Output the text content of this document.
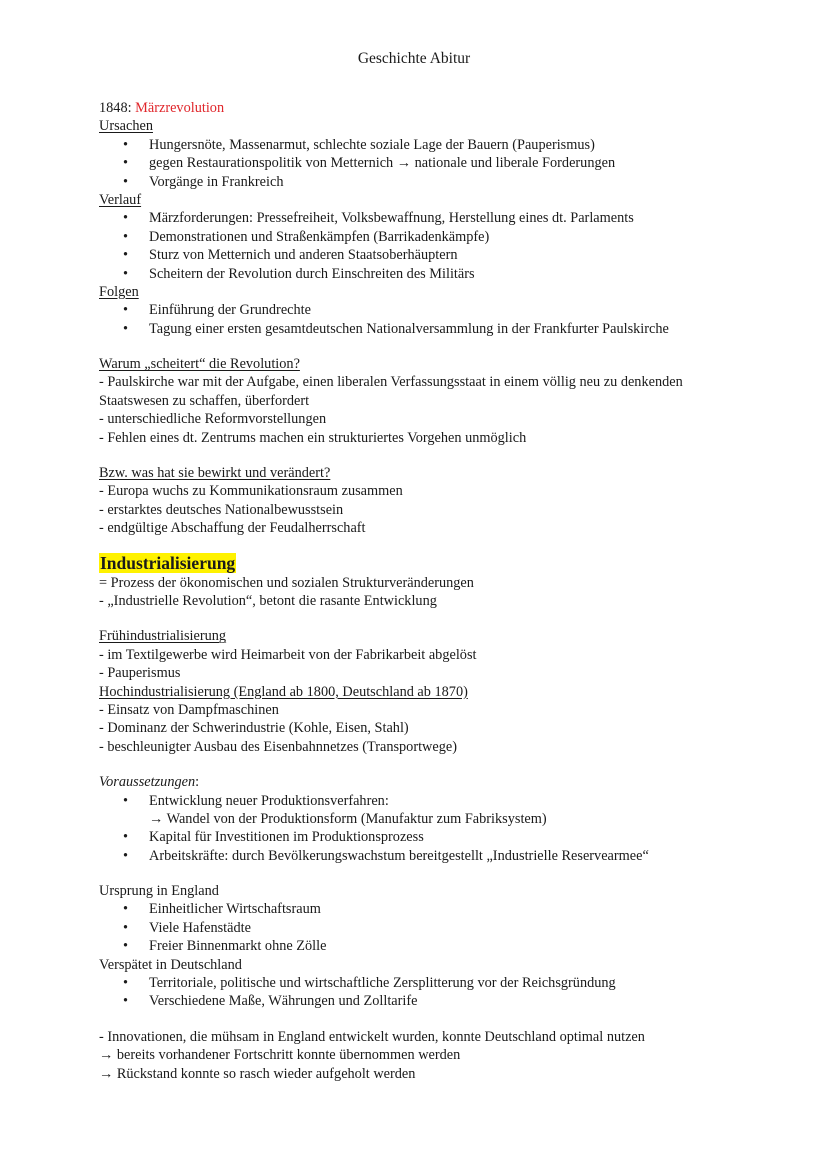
Geschichte Abitur
1848: Märzrevolution
Ursachen
• Hungersnöte, Massenarmut, schlechte soziale Lage der Bauern (Pauperismus)
• gegen Restaurationspolitik von Metternich → nationale und liberale Forderungen
• Vorgänge in Frankreich
Verlauf
• Märzforderungen: Pressefreiheit, Volksbewaffnung, Herstellung eines dt. Parlaments
• Demonstrationen und Straßenkämpfen (Barrikadenkämpfe)
• Sturz von Metternich und anderen Staatsoberhäuptern
• Scheitern der Revolution durch Einschreiten des Militärs
Folgen
• Einführung der Grundrechte
• Tagung einer ersten gesamtdeutschen Nationalversammlung in der Frankfurter Paulskirche
Warum „scheitert“ die Revolution?
- Paulskirche war mit der Aufgabe, einen liberalen Verfassungsstaat in einem völlig neu zu denkenden
Staatswesen zu schaffen, überfordert
- unterschiedliche Reformvorstellungen
- Fehlen eines dt. Zentrums machen ein strukturiertes Vorgehen unmöglich
Bzw. was hat sie bewirkt und verändert?
- Europa wuchs zu Kommunikationsraum zusammen
- erstarktes deutsches Nationalbewusstsein
- endgültige Abschaffung der Feudalherrschaft
Industrialisierung
= Prozess der ökonomischen und sozialen Strukturveränderungen
- „Industrielle Revolution“, betont die rasante Entwicklung
Frühindustrialisierung
- im Textilgewerbe wird Heimarbeit von der Fabrikarbeit abgelöst
- Pauperismus
Hochindustrialisierung (England ab 1800, Deutschland ab 1870)
- Einsatz von Dampfmaschinen
- Dominanz der Schwerindustrie (Kohle, Eisen, Stahl)
- beschleunigter Ausbau des Eisenbahnnetzes (Transportwege)
Voraussetzungen:
• Entwicklung neuer Produktionsverfahren:
→ Wandel von der Produktionsform (Manufaktur zum Fabriksystem)
• Kapital für Investitionen im Produktionsprozess
• Arbeitskräfte: durch Bevölkerungswachstum bereitgestellt „Industrielle Reservearmee“
Ursprung in England
• Einheitlicher Wirtschaftsraum
• Viele Hafenstädte
• Freier Binnenmarkt ohne Zölle
Verspätet in Deutschland
• Territoriale, politische und wirtschaftliche Zersplitterung vor der Reichsgründung
• Verschiedene Maße, Währungen und Zolltarife
- Innovationen, die mühsam in England entwickelt wurden, konnte Deutschland optimal nutzen
→ bereits vorhandener Fortschritt konnte übernommen werden
→ Rückstand konnte so rasch wieder aufgeholt werden
